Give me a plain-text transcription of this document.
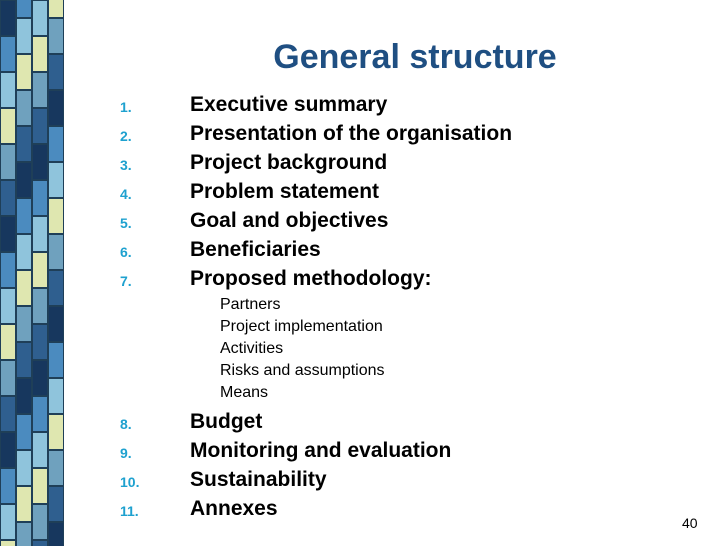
General structure
1.	Executive summary
2.	Presentation of the organisation
3.	Project background
4.	Problem statement
5.	Goal and objectives
6.	Beneficiaries
7.	Proposed methodology:
Partners
Project implementation
Activities
Risks and assumptions
Means
8.	Budget
9.	Monitoring and evaluation
10. Sustainability
11. Annexes
40
